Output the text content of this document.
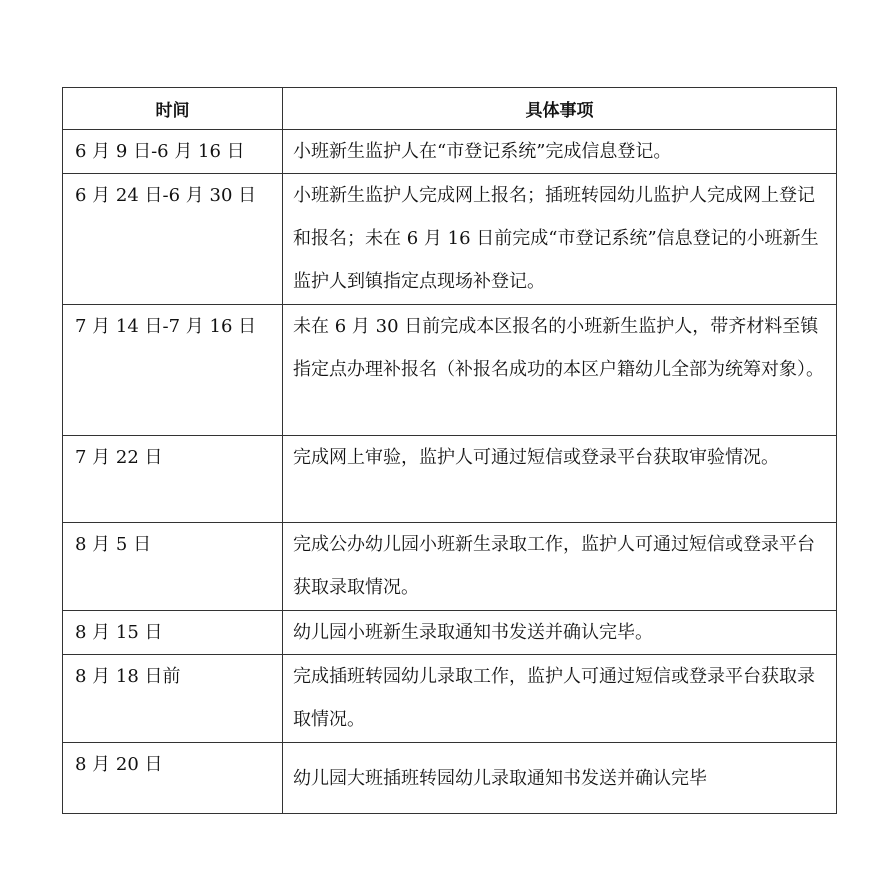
时间	具体事项
6 月 9 日-6 月 16 日	小班新生监护人在“市登记系统”完成信息登记。
6 月 24 日-6 月 30 日	小班新生监护人完成网上报名；插班转园幼儿监护人完成网上登记和报名；未在 6 月 16 日前完成“市登记系统”信息登记的小班新生监护人到镇指定点现场补登记。
7 月 14 日-7 月 16 日	未在 6 月 30 日前完成本区报名的小班新生监护人，带齐材料至镇指定点办理补报名（补报名成功的本区户籍幼儿全部为统筹对象）。
7 月 22 日	完成网上审验，监护人可通过短信或登录平台获取审验情况。
8 月 5 日	完成公办幼儿园小班新生录取工作，监护人可通过短信或登录平台获取录取情况。
8 月 15 日	幼儿园小班新生录取通知书发送并确认完毕。
8 月 18 日前	完成插班转园幼儿录取工作，监护人可通过短信或登录平台获取录取情况。
8 月 20 日	幼儿园大班插班转园幼儿录取通知书发送并确认完毕
